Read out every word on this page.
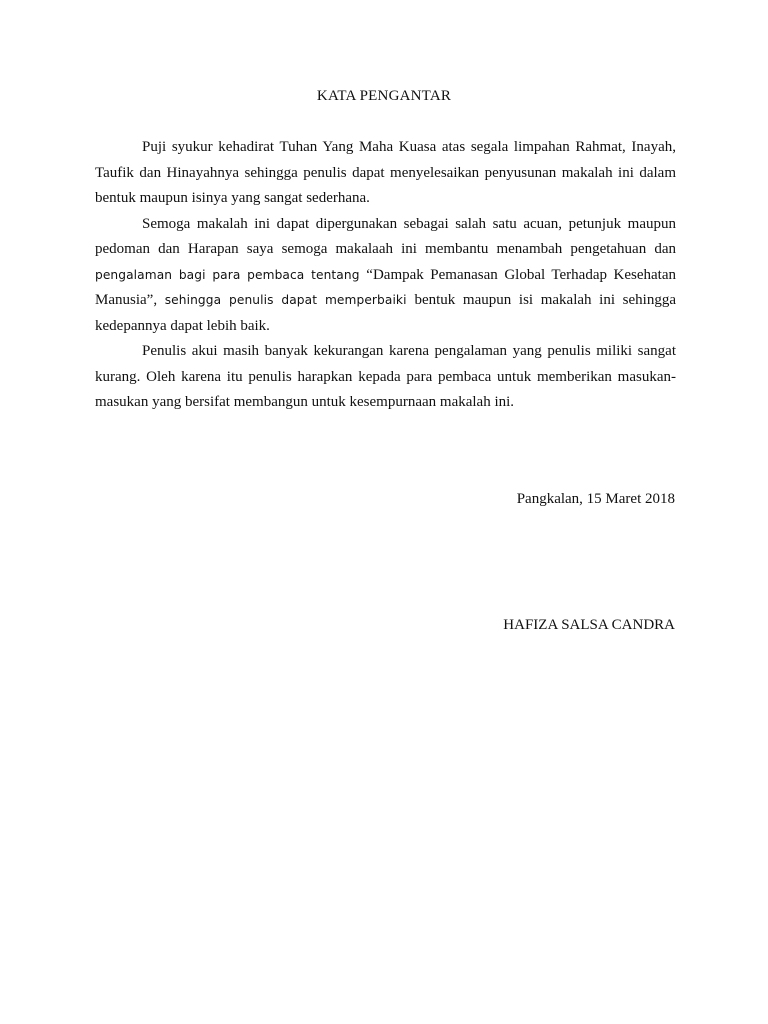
KATA PENGANTAR

Puji syukur kehadirat Tuhan Yang Maha Kuasa atas segala limpahan Rahmat, Inayah, Taufik dan Hinayahnya sehingga penulis dapat menyelesaikan penyusunan makalah ini dalam bentuk maupun isinya yang sangat sederhana.

Semoga makalah ini dapat dipergunakan sebagai salah satu acuan, petunjuk maupun pedoman dan Harapan saya semoga makalaah ini membantu menambah pengetahuan dan pengalaman bagi para pembaca tentang “Dampak Pemanasan Global Terhadap Kesehatan Manusia”, sehingga penulis dapat memperbaiki bentuk maupun isi makalah ini sehingga kedepannya dapat lebih baik.

Penulis akui masih banyak kekurangan karena pengalaman yang penulis miliki sangat kurang. Oleh karena itu penulis harapkan kepada para pembaca untuk memberikan masukan-masukan yang bersifat membangun untuk kesempurnaan makalah ini.

Pangkalan, 15 Maret 2018
HAFIZA SALSA CANDRA
